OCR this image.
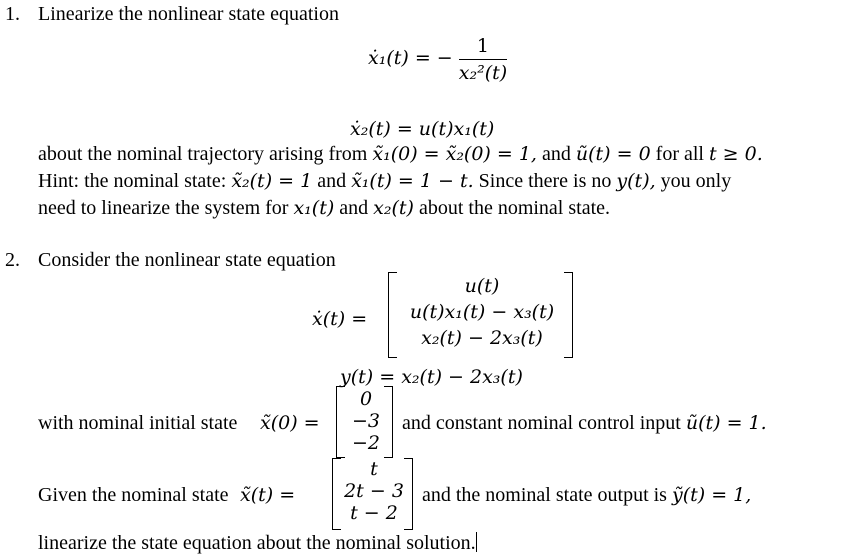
1. Linearize the nonlinear state equation
ẋ₁(t) = − $\frac{1}{\text{x₂²(t)}}$
ẋ₂(t) = u(t)x₁(t)
about the nominal trajectory arising from x̃₁(0) = x̃₂(0) = 1, and ũ(t) = 0 for all t ≥ 0.
Hint: the nominal state: x̃₂(t) = 1 and x̃₁(t) = 1 − t. Since there is no y(t), you only
need to linearize the system for x₁(t) and x₂(t) about the nominal state.
2. Consider the nonlinear state equation
ẋ(t) =
u(t)
u(t)x₁(t) − x₃(t)
x₂(t) − 2x₃(t)
y(t) = x₂(t) − 2x₃(t)
with nominal initial state x̃(0) =
0
−3
−2
and constant nominal control input ũ(t) = 1.
Given the nominal state x̃(t) =
t
2t − 3
t − 2
and the nominal state output is ỹ(t) = 1,
linearize the state equation about the nominal solution.
